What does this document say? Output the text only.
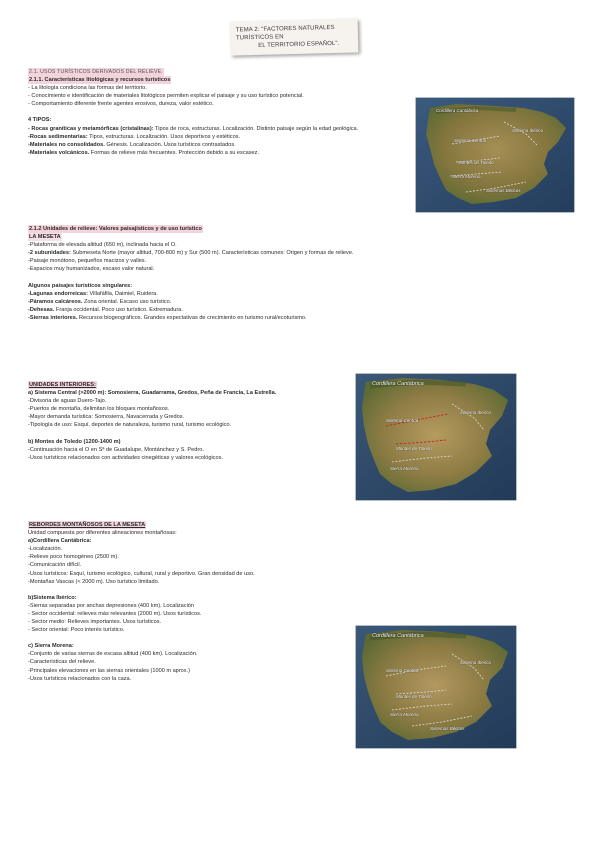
TEMA 2: "FACTORES NATURALES TURÍSTICOS EN
EL TERRITORIO ESPAÑOL".
2.1. USOS TURÍSTICOS DERIVADOS DEL RELIEVE.
2.1.1. Características litológicas y recursos turísticos
- La litología condiciona las formas del territorio.
- Conocimiento e identificación de materiales litológicos permiten explicar el paisaje y su uso turístico potencial.
- Comportamiento diferente frente agentes erosivos, dureza, valor estético.
4 TIPOS:
- Rocas graníticas y metamórficas (cristalinas): Tipos de roca, estructuras. Localización. Distinto paisaje según la edad geológica.
-Rocas sedimentarias: Tipos, estructuras. Localización. Usos deportivos y estéticos.
-Materiales no consolidados. Génesis. Localización. Usos turísticos contrastados.
-Materiales volcánicos. Formas de relieve más frecuentes. Protección debido a su escasez.
2.1.2 Unidades de relieve: Valores paisajísticos y de uso turístico
LA MESETA
-Plataforma de elevada altitud (650 m), inclinada hacia el O.
-2 subunidades: Submeseta Norte (mayor altitud, 700-800 m) y Sur (500 m). Características comunes: Origen y formas de relieve.
-Paisaje monótono, pequeños macizos y valles.
-Espacios muy humanizados, escaso valor natural.
Algunos paisajes turísticos singulares:
-Lagunas endorreicas: Villafáfila, Daimiel, Ruidera.
-Páramos calcáreos. Zona oriental. Escaso uso turístico.
-Dehesas. Franja occidental. Poco uso turístico. Extremadura.
-Sierras interiores. Recursos biogeográficos. Grandes expectativas de crecimiento en turismo rural/ecoturismo.
UNIDADES INTERIORES:
a) Sistema Central (>2000 m): Somosierra, Guadarrama, Gredos, Peña de Francia, La Estrella.
-Divisoria de aguas Duero-Tajo.
-Puertos de montaña, delimitan los bloques montañosos.
-Mayor demanda turística: Somosierra, Navacerrada y Gredos.
-Tipología de uso: Esquí, deportes de naturaleza, turismo rural, turismo ecológico.
b) Montes de Toledo (1200-1400 m)
-Continuación hacia el O en Sª de Guadalupe, Montánchez y S. Pedro.
-Usos turísticos relacionados con actividades cinegéticas y valores ecológicos.
REBORDES MONTAÑOSOS DE LA MESETA
Unidad compuesta por diferentes alineaciones montañosas:
a)Cordillera Cantábrica:
-Localización.
-Relieve poco homogéneo (2500 m).
-Comunicación difícil.
-Usos turísticos: Esquí, turismo ecológico, cultural, rural y deportivo. Gran densidad de uso.
-Montañas Vascas (< 2000 m). Uso turístico limitado.
b)Sistema Ibérico:
-Sierras separadas por anchas depresiones (400 km). Localización
- Sector occidental: relieves más relevantes (2000 m). Usos turísticos.
- Sector medio: Relieves importantes. Usos turísticos.
- Sector oriental: Poco interés turístico.
c) Sierra Morena:
-Conjunto de varias sierras de escasa altitud (400 km). Localización.
-Características del relieve.
-Principales elevaciones en las sierras orientales (1000 m aprox.)
-Usos turísticos relacionados con la caza.
Cordillera Cantábrica
Sistema Ibérico
Sistema Central
Montes de Toledo
Sierra Morena
Sistemas Béticos
Cordillera Cantábrica
Sistema Ibérico
Sistema Central
Montes de Toledo
Sierra Morena
Cordillera Cantábrica
Sistema Ibérico
Sistema Central
Montes de Toledo
Sierra Morena
Sistemas Béticos
